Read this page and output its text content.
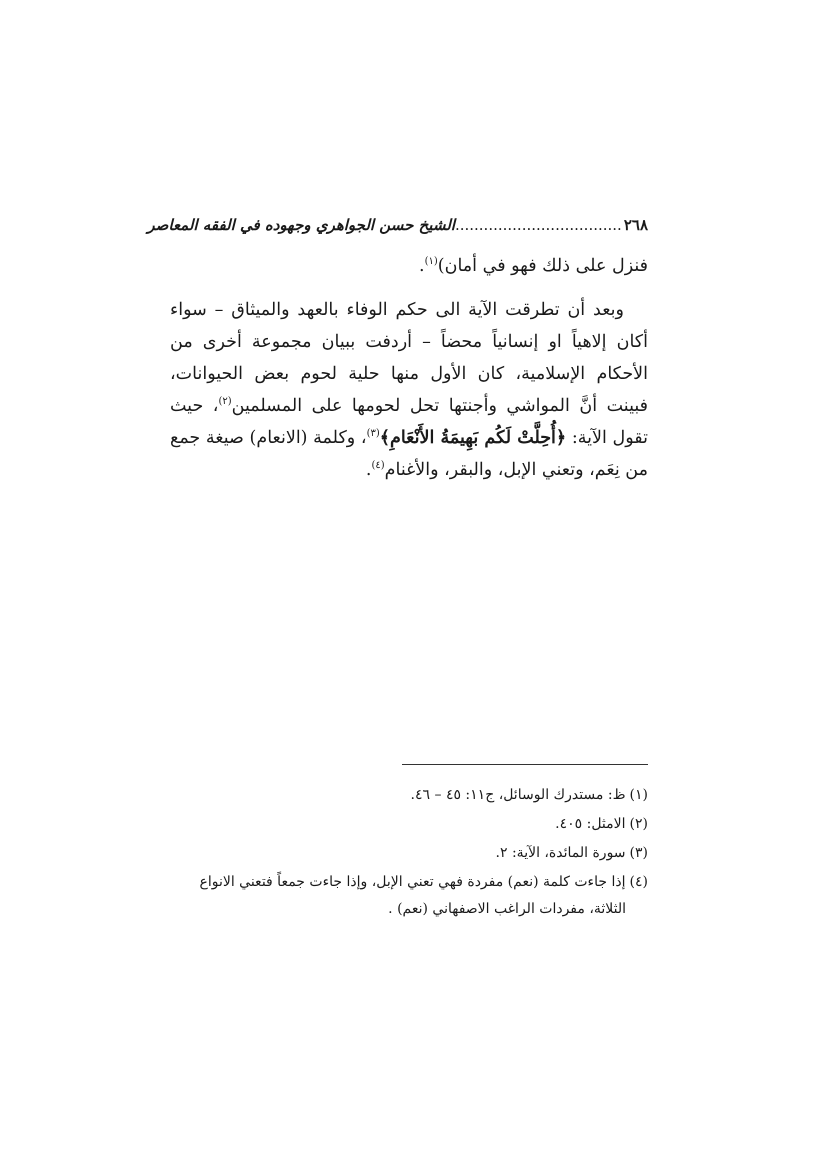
٢٦٨
...................................
الشيخ حسن الجواهري وجهوده في الفقه المعاصر

فنزل على ذلك فهو في أمان)$^{(١)}$.

وبعد أن تطرقت الآية الى حكم الوفاء بالعهد والميثاق – سواء أكان إلاهياً او إنسانياً محضاً – أردفت ببيان مجموعة أخرى من الأحكام الإسلامية، كان الأول منها حلية لحوم بعض الحيوانات، فبينت أنَّ المواشي وأجنتها تحل لحومها على المسلمين$^{(٢)}$، حيث تقول الآية: ﴿أُحِلَّتْ لَكُم بَهِيمَةُ الأَنْعَامِ﴾$^{(٣)}$، وكلمة (الانعام) صيغة جمع من نِعَم، وتعني الإبل، والبقر، والأغنام$^{(٤)}$.

(١)ظ: مستدرك الوسائل، ج١١: ٤٥ – ٤٦.

(٢)الامثل: ٤٠٥.

(٣)سورة المائدة، الآية: ٢.

(٤)إذا جاءت كلمة (نعم) مفردة فهي تعني الإبل، وإذا جاءت جمعاً فتعني الانواع
الثلاثة، مفردات الراغب الاصفهاني (نعم) .
